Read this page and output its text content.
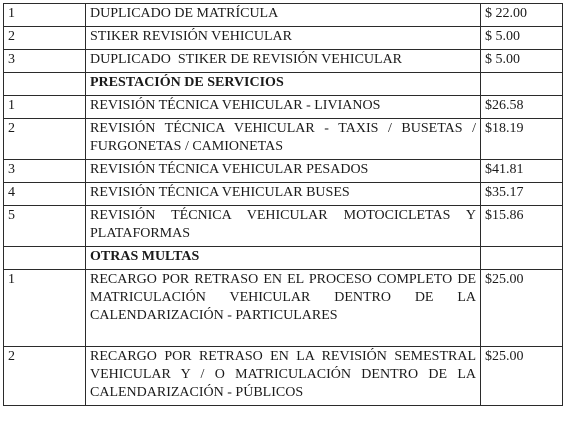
1	DUPLICADO DE MATRÍCULA	$ 22.00
2	STIKER REVISIÓN VEHICULAR	$ 5.00
3	DUPLICADO  STIKER DE REVISIÓN VEHICULAR	$ 5.00
	PRESTACIÓN DE SERVICIOS	
1	REVISIÓN TÉCNICA VEHICULAR - LIVIANOS	$26.58
2	REVISIÓN TÉCNICA VEHICULAR - TAXIS / BUSETAS / FURGONETAS / CAMIONETAS	$18.19
3	REVISIÓN TÉCNICA VEHICULAR PESADOS	$41.81
4	REVISIÓN TÉCNICA VEHICULAR BUSES	$35.17
5	REVISIÓN TÉCNICA VEHICULAR MOTOCICLETAS Y PLATAFORMAS	$15.86
	OTRAS MULTAS	
1	RECARGO POR RETRASO EN EL PROCESO COMPLETO DE MATRICULACIÓN VEHICULAR DENTRO DE LA CALENDARIZACIÓN - PARTICULARES	$25.00
2	RECARGO POR RETRASO EN LA REVISIÓN SEMESTRAL VEHICULAR Y / O MATRICULACIÓN DENTRO DE LA CALENDARIZACIÓN - PÚBLICOS	$25.00
